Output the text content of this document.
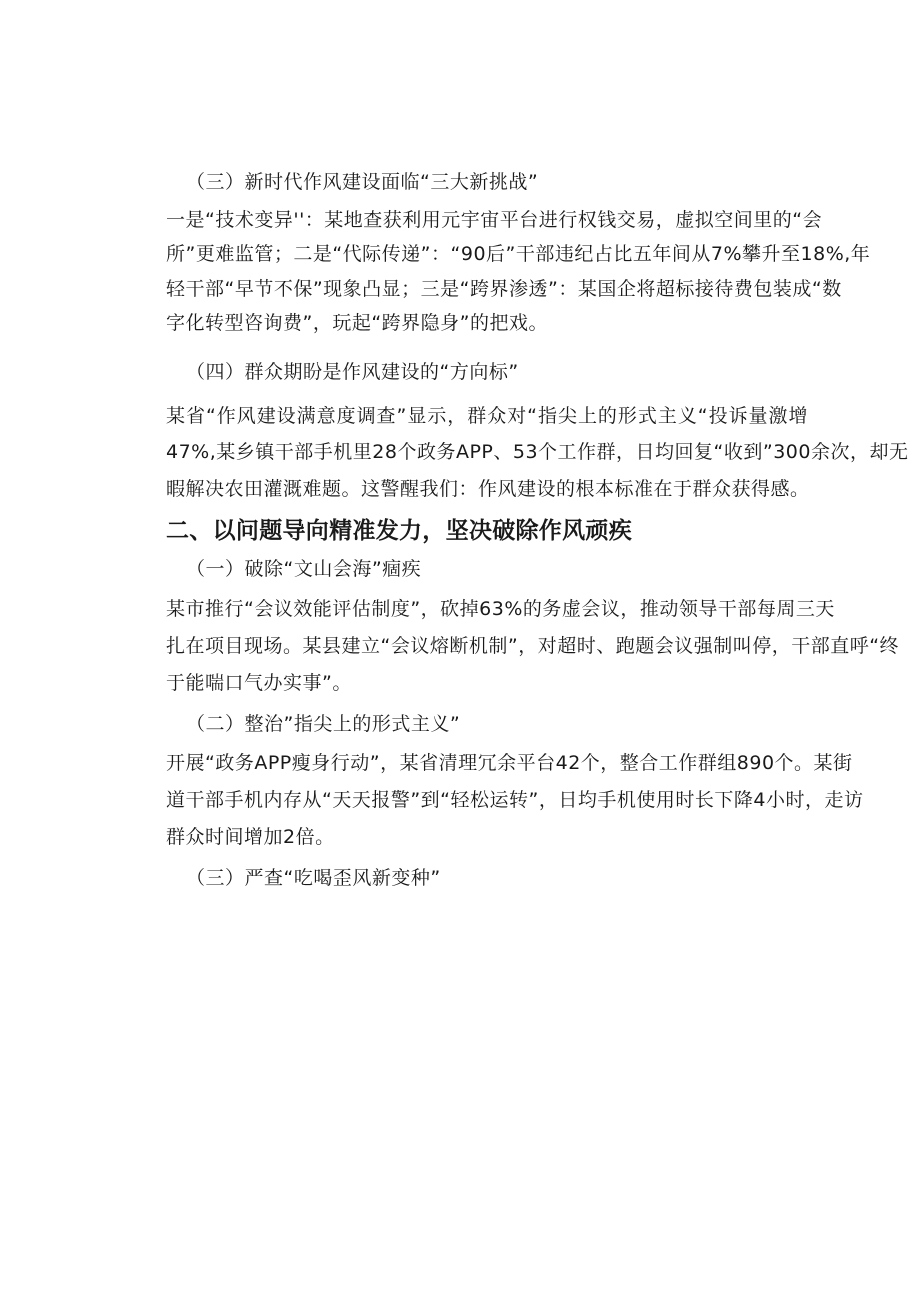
（三）新时代作风建设面临“三大新挑战”
一是“技术变异''：某地查获利用元宇宙平台进行权钱交易，虚拟空间里的“会
所”更难监管；二是“代际传递”：“90后”干部违纪占比五年间从7%攀升至18%,年
轻干部“早节不保”现象凸显；三是“跨界渗透”：某国企将超标接待费包装成“数
字化转型咨询费”，玩起“跨界隐身”的把戏。
（四）群众期盼是作风建设的“方向标”
某省“作风建设满意度调查”显示，群众对“指尖上的形式主义“投诉量激增
47%,某乡镇干部手机里28个政务APP、53个工作群，日均回复“收到”300余次，却无
暇解决农田灌溉难题。这警醒我们：作风建设的根本标准在于群众获得感。
二、以问题导向精准发力，坚决破除作风顽疾
（一）破除“文山会海”痼疾
某市推行“会议效能评估制度”，砍掉63%的务虚会议，推动领导干部每周三天
扎在项目现场。某县建立“会议熔断机制”，对超时、跑题会议强制叫停，干部直呼“终
于能喘口气办实事”。
（二）整治”指尖上的形式主义”
开展“政务APP瘦身行动”，某省清理冗余平台42个，整合工作群组890个。某街
道干部手机内存从“天天报警”到“轻松运转”，日均手机使用时长下降4小时，走访
群众时间增加2倍。
（三）严查“吃喝歪风新变种”
